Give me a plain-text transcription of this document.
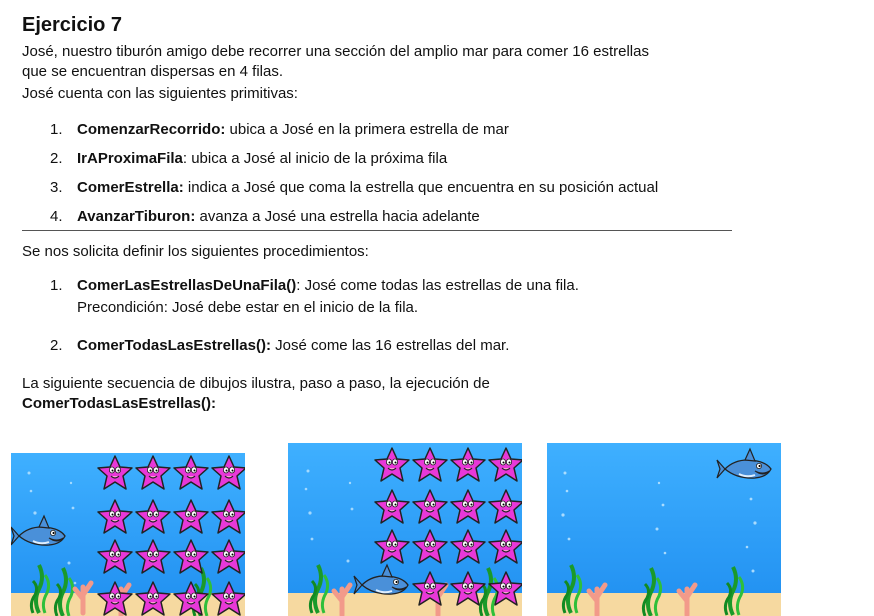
Ejercicio 7
José, nuestro tiburón amigo debe recorrer una sección del amplio mar para comer 16 estrellas
que se encuentran dispersas en 4 filas.
José cuenta con las siguientes primitivas:
1. ComenzarRecorrido: ubica a José en la primera estrella de mar
2. IrAProximaFila: ubica a José al inicio de la próxima fila
3. ComerEstrella: indica a José que coma la estrella que encuentra en su posición actual
4. AvanzarTiburon: avanza a José una estrella hacia adelante
Se nos solicita definir los siguientes procedimientos:
1. ComerLasEstrellasDeUnaFila(): José come todas las estrellas de una fila.
Precondición: José debe estar en el inicio de la fila.
2. ComerTodasLasEstrellas(): José come las 16 estrellas del mar.
La siguiente secuencia de dibujos ilustra, paso a paso, la ejecución de
ComerTodasLasEstrellas():
